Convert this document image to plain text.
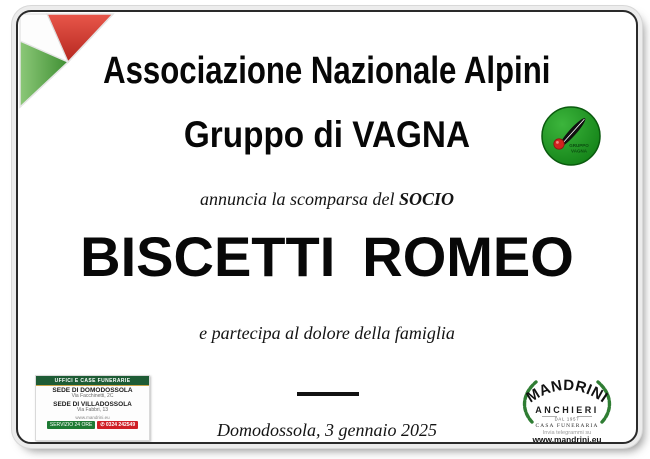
Associazione Nazionale Alpini
Gruppo di VAGNA	GRUPPO
VAGNA
annuncia la scomparsa del SOCIO
BISCETTI ROMEO
e partecipa al dolore della famiglia
Domodossola, 3 gennaio 2025
UFFICI E CASE FUNERARIE
SEDE DI DOMODOSSOLA
Via Facchinetti, 2C
SEDE DI VILLADOSSOLA
Via Fabbri, 13
www.mandrini.eu
SERVIZIO 24 ORE	✆ 0324 242549
MANDRINI
ANCHIERI
DAL 1957
CASA FUNERARIA
Invia telegrammi su
www.mandrini.eu
